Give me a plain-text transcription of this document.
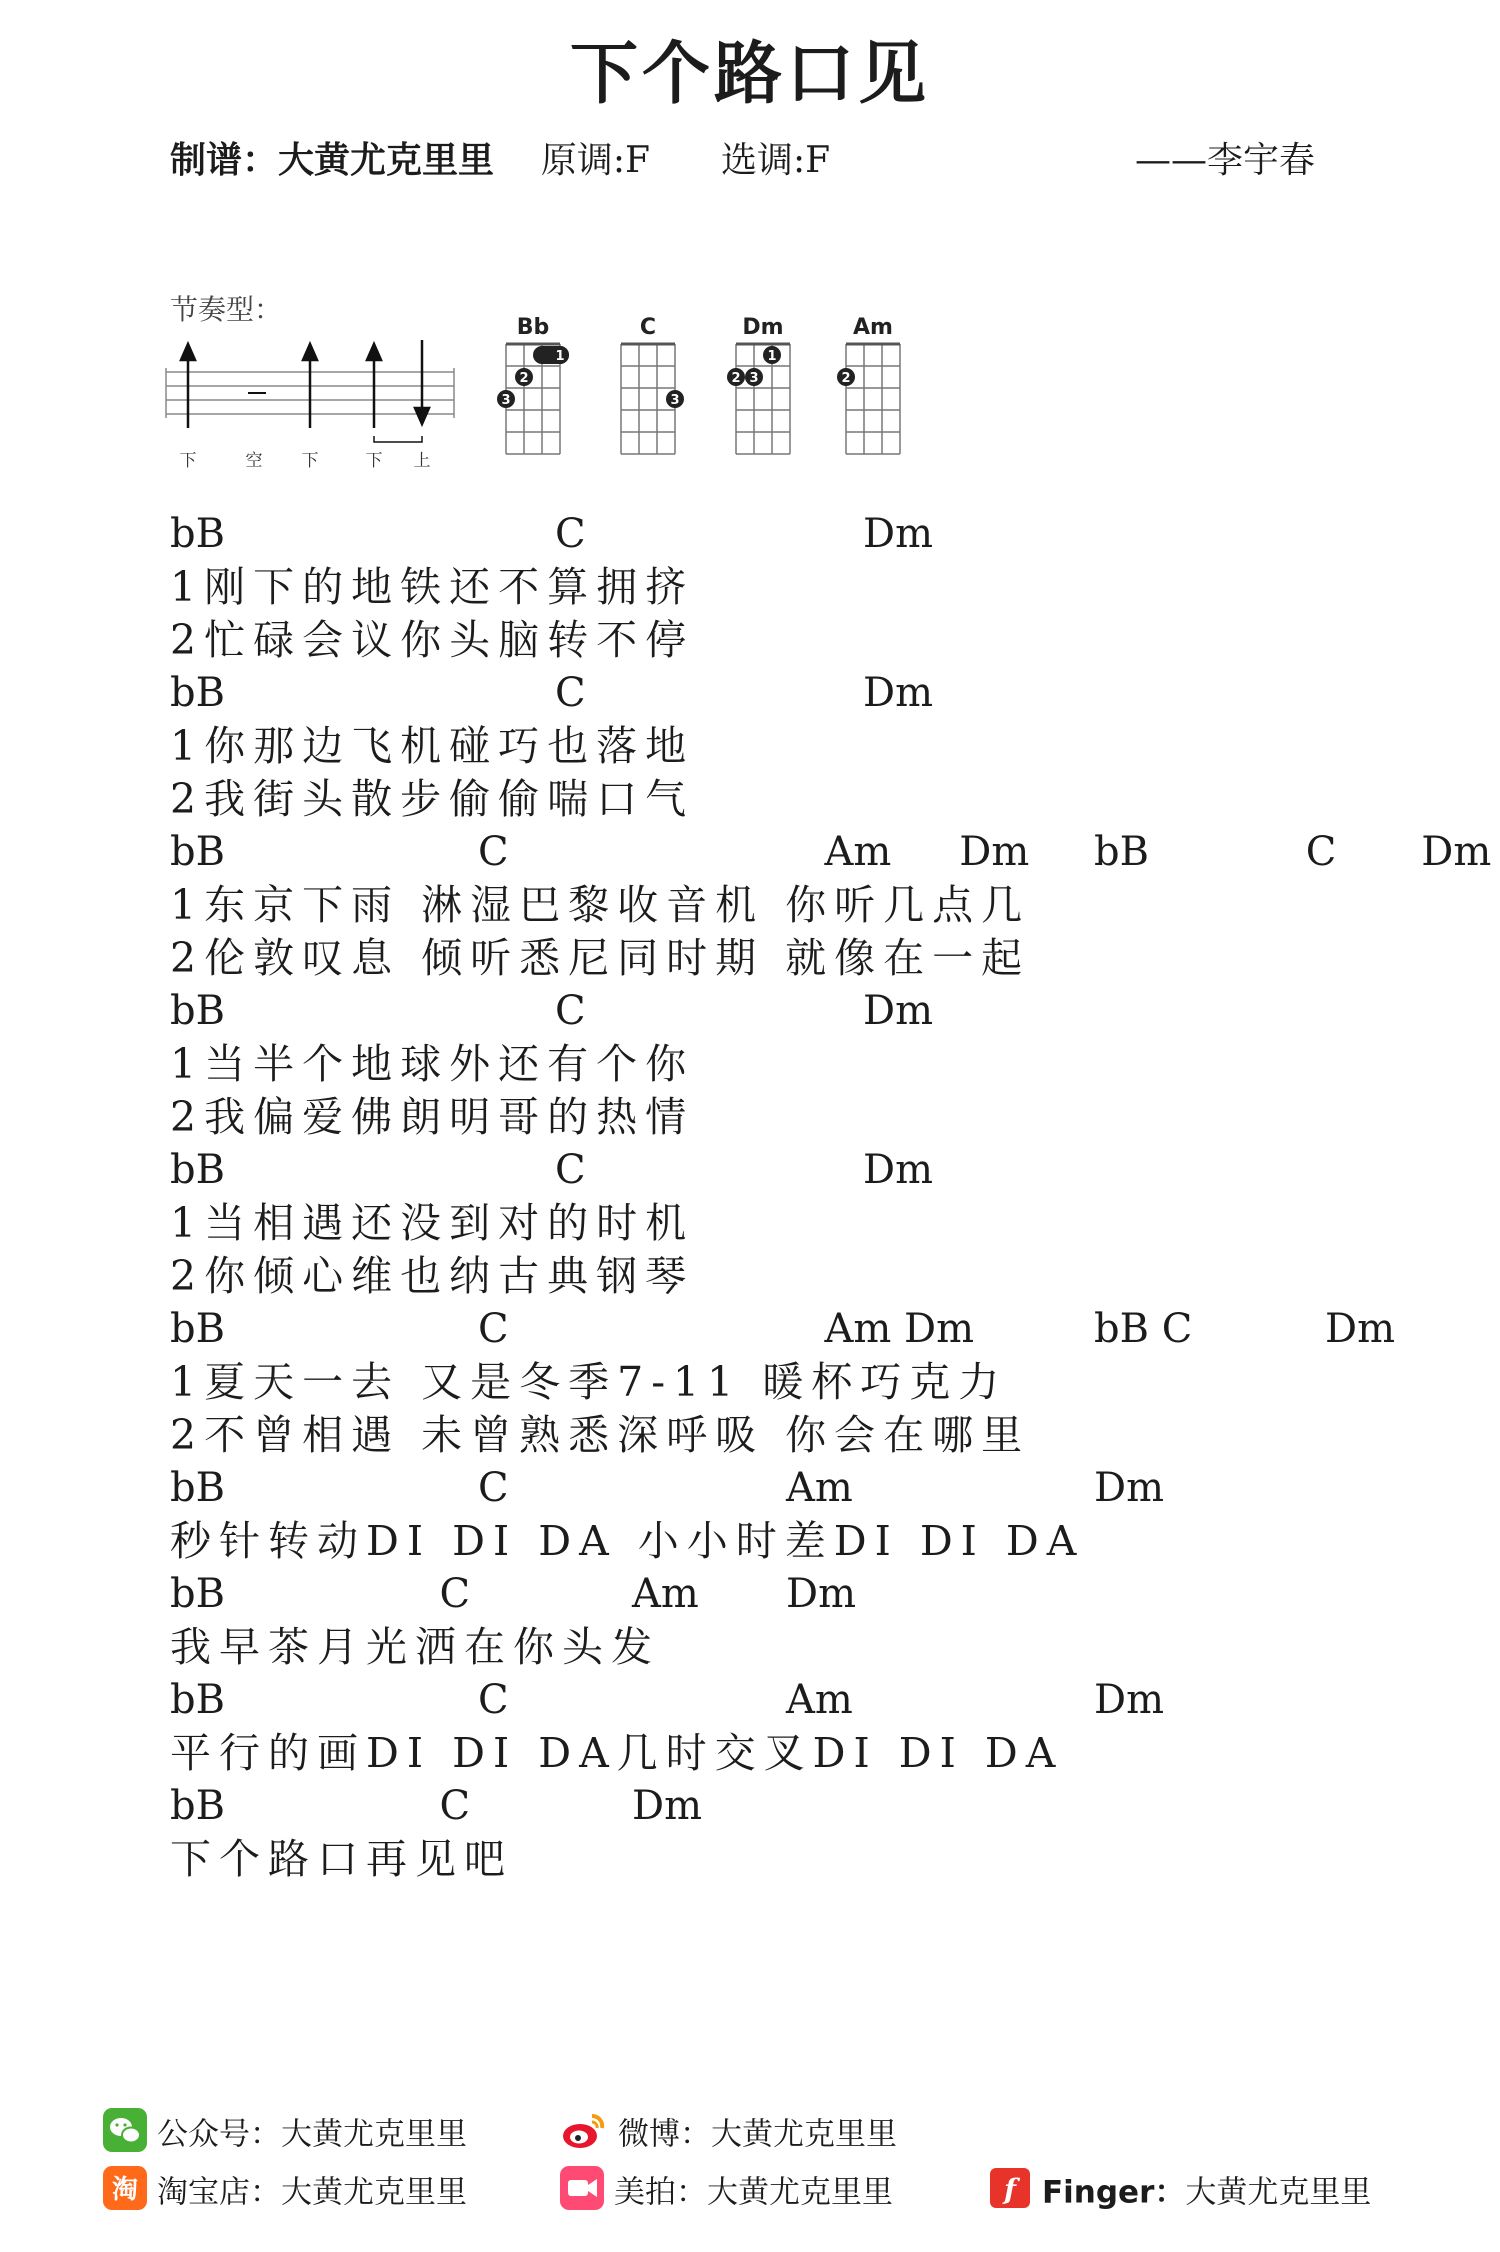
下个路口见
制谱：大黄尤克里里 原调:F 选调:F	——李宇春
节奏型：
下	空 下	下 上
Bb
1
2
3
C
3
Dm
1
3
2
Am
2
bB	C	Dm
1刚下的地铁还不算拥挤
2忙碌会议你头脑转不停
bB	C	Dm
1你那边飞机碰巧也落地
2我街头散步偷偷喘口气
bB	C	Am Dm bB	C Dm
1东京下雨 淋湿巴黎收音机 你听几点几
2伦敦叹息 倾听悉尼同时期 就像在一起
bB	C	Dm
1当半个地球外还有个你
2我偏爱佛朗明哥的热情
bB	C	Dm
1当相遇还没到对的时机
2你倾心维也纳古典钢琴
bB	C	Am Dm	bB C	Dm
1夏天一去 又是冬季7-11 暖杯巧克力
2不曾相遇 未曾熟悉深呼吸 你会在哪里
bB	C	Am	Dm
秒针转动DI DI DA 小小时差DI DI DA
bB	C	Am Dm
我早茶月光洒在你头发
bB	C	Am	Dm
平行的画DI DI DA几时交叉DI DI DA
bB	C	Dm
下个路口再见吧
公众号：大黄尤克里里	微博：大黄尤克里里
淘 淘宝店：大黄尤克里里	美拍：大黄尤克里里	f Finger：大黄尤克里里
